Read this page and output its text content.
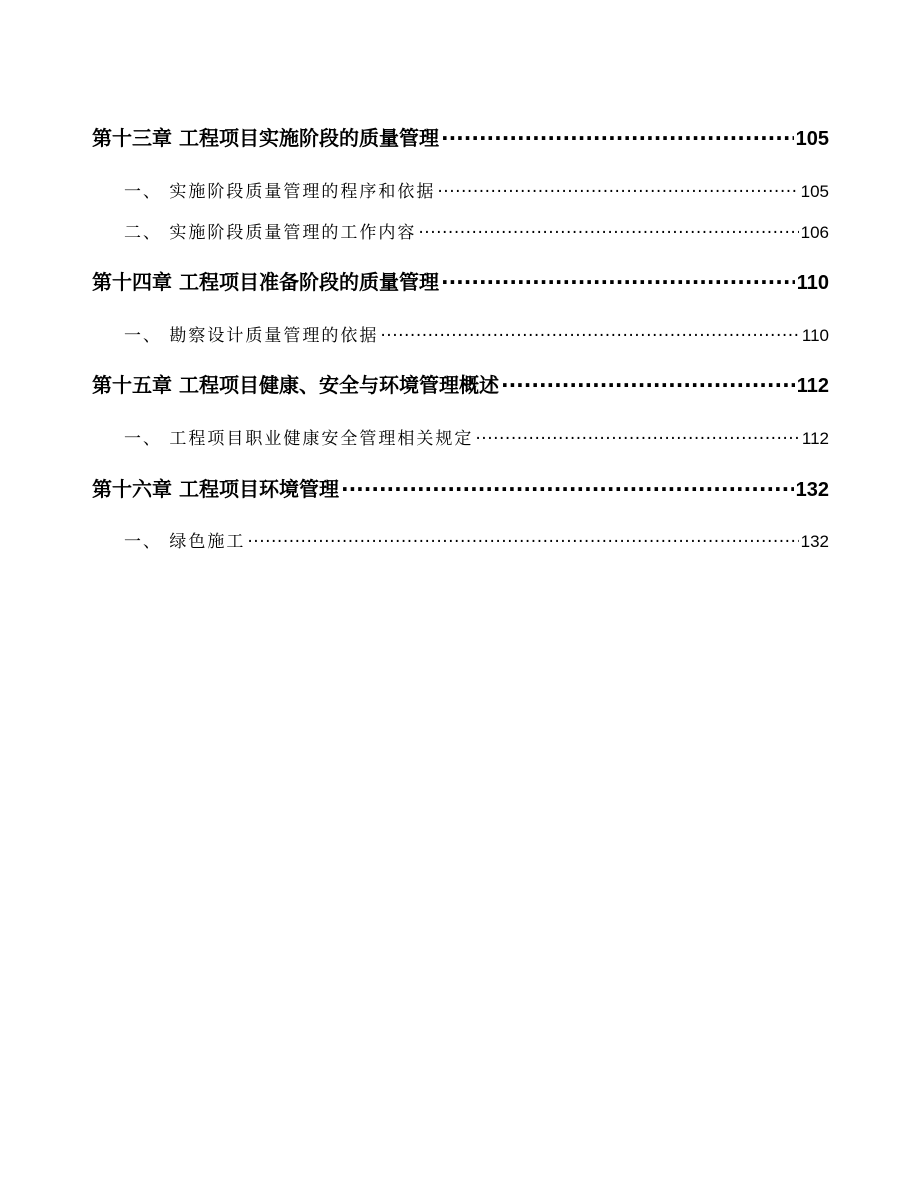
第十三章 工程项目实施阶段的质量管理 .....	105
一、 实施阶段质量管理的程序和依据 .....	105
二、 实施阶段质量管理的工作内容 .....	106
第十四章 工程项目准备阶段的质量管理 .....	110
一、 勘察设计质量管理的依据 .....	110
第十五章 工程项目健康、安全与环境管理概述 .....	112
一、 工程项目职业健康安全管理相关规定 .....	112
第十六章 工程项目环境管理 .....	132
一、 绿色施工 .....	132
